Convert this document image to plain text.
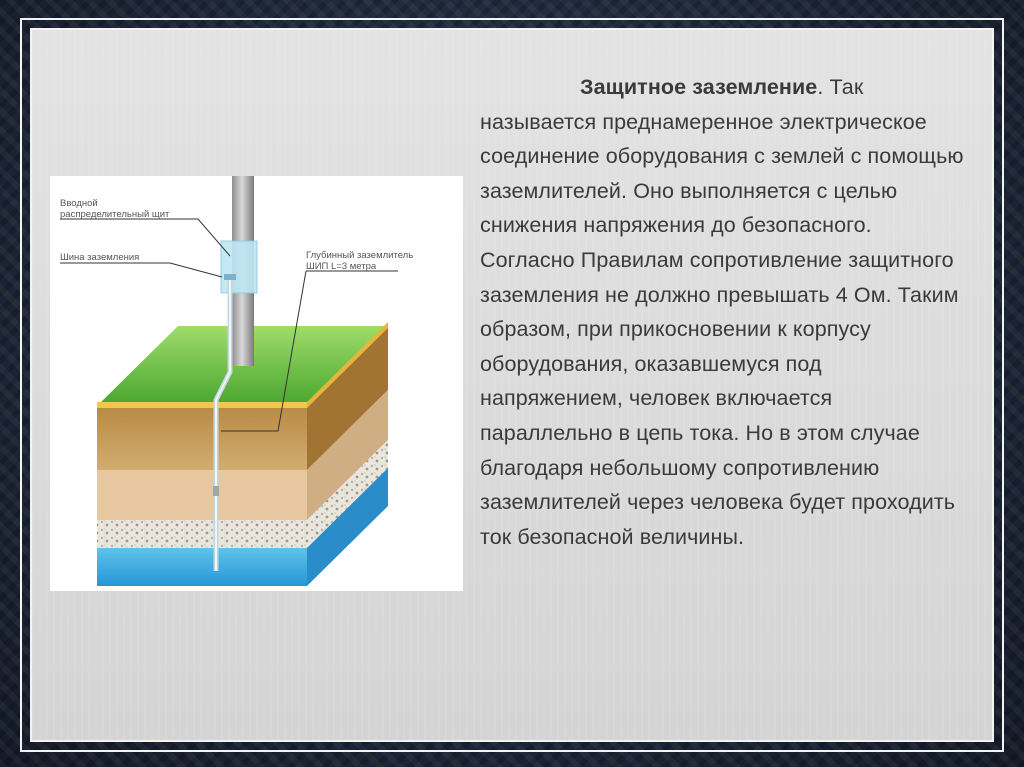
Вводной
распределительный щит
Шина заземления	Глубинный заземлитель
ШИП L=3 метра
Защитное заземление. Так называется преднамеренное электрическое соединение оборудования с землей с помощью заземлителей. Оно выполняется с целью снижения напряжения до безопасного. Согласно Правилам сопротивление защитного заземления не должно превышать 4 Ом. Таким образом, при прикосновении к корпусу оборудования, оказавшемуся под напряжением, человек включается параллельно в цепь тока. Но в этом случае благодаря небольшому сопротивлению заземлителей через человека будет проходить ток безопасной величины.
